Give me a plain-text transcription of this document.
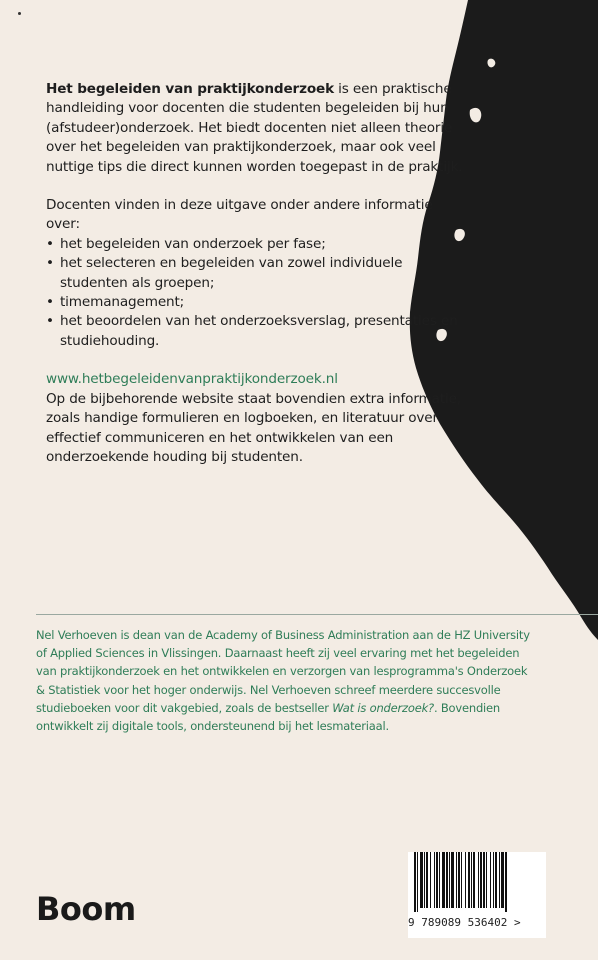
Het begeleiden van praktijkonderzoek is een praktische handleiding voor docenten die studenten begeleiden bij hun (afstudeer)onderzoek. Het biedt docenten niet alleen theorie over het begeleiden van praktijkonderzoek, maar ook veel nuttige tips die direct kunnen worden toegepast in de praktijk.

Docenten vinden in deze uitgave onder andere informatie over:

• het begeleiden van onderzoek per fase;
• het selecteren en begeleiden van zowel individuele studenten als groepen;
• timemanagement;
• het beoordelen van het onderzoeksverslag, presentaties en studiehouding.

www.hetbegeleidenvanpraktijkonderzoek.nl

Op de bijbehorende website staat bovendien extra informatie, zoals handige formulieren en logboeken, en literatuur over effectief communiceren en het ontwikkelen van een onderzoekende houding bij studenten.

Nel Verhoeven is dean van de Academy of Business Administration aan de HZ University of Applied Sciences in Vlissingen. Daarnaast heeft zij veel ervaring met het begeleiden van praktijkonderzoek en het ontwikkelen en verzorgen van lesprogramma's Onderzoek & Statistiek voor het hoger onderwijs. Nel Verhoeven schreef meerdere succesvolle studieboeken voor dit vakgebied, zoals de bestseller Wat is onderzoek?. Bovendien ontwikkelt zij digitale tools, ondersteunend bij het lesmateriaal.
Boom	9 789089 536402 >
